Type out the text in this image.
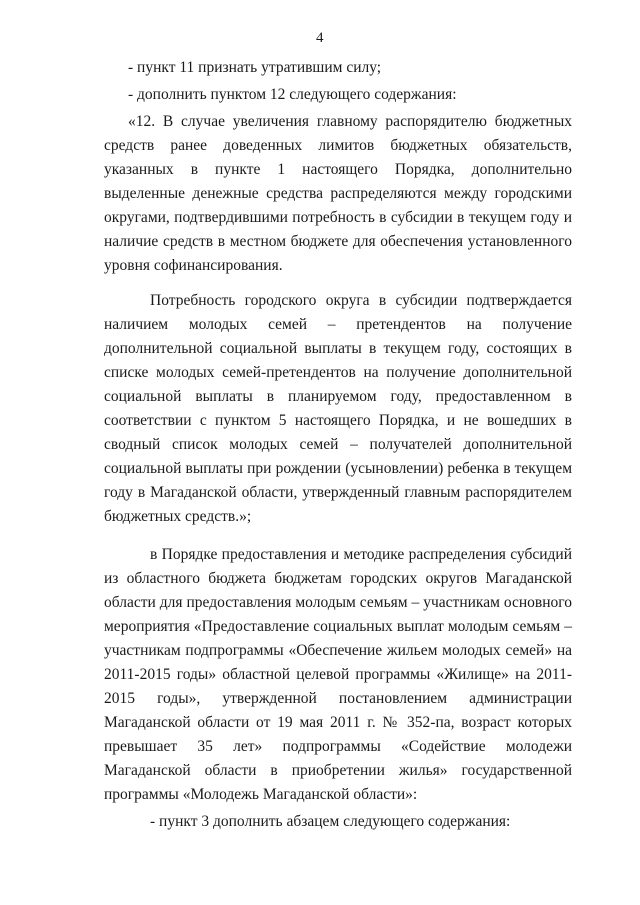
4

- пункт 11 признать утратившим силу;

- дополнить пунктом 12 следующего содержания:

«12. В случае увеличения главному распорядителю бюджетных средств ранее доведенных лимитов бюджетных обязательств, указанных в пункте 1 настоящего Порядка, дополнительно выделенные денежные средства распределяются между городскими округами, подтвердившими потребность в субсидии в текущем году и наличие средств в местном бюджете для обеспечения установленного уровня софинансирования.

Потребность городского округа в субсидии подтверждается наличием молодых семей – претендентов на получение дополнительной социальной выплаты в текущем году, состоящих в списке молодых семей-претендентов на получение дополнительной социальной выплаты в планируемом году, предоставленном в соответствии с пунктом 5 настоящего Порядка, и не вошедших в сводный список молодых семей – получателей дополнительной социальной выплаты при рождении (усыновлении) ребенка в текущем году в Магаданской области, утвержденный главным распорядителем бюджетных средств.»;

в Порядке предоставления и методике распределения субсидий из областного бюджета бюджетам городских округов Магаданской области для предоставления молодым семьям – участникам основного мероприятия «Предоставление социальных выплат молодым семьям – участникам подпрограммы «Обеспечение жильем молодых семей» на 2011-2015 годы» областной целевой программы «Жилище» на 2011-2015 годы», утвержденной постановлением администрации Магаданской области от 19 мая 2011 г. № 352-па, возраст которых превышает 35 лет» подпрограммы «Содействие молодежи Магаданской области в приобретении жилья» государственной программы «Молодежь Магаданской области»:

- пункт 3 дополнить абзацем следующего содержания:
